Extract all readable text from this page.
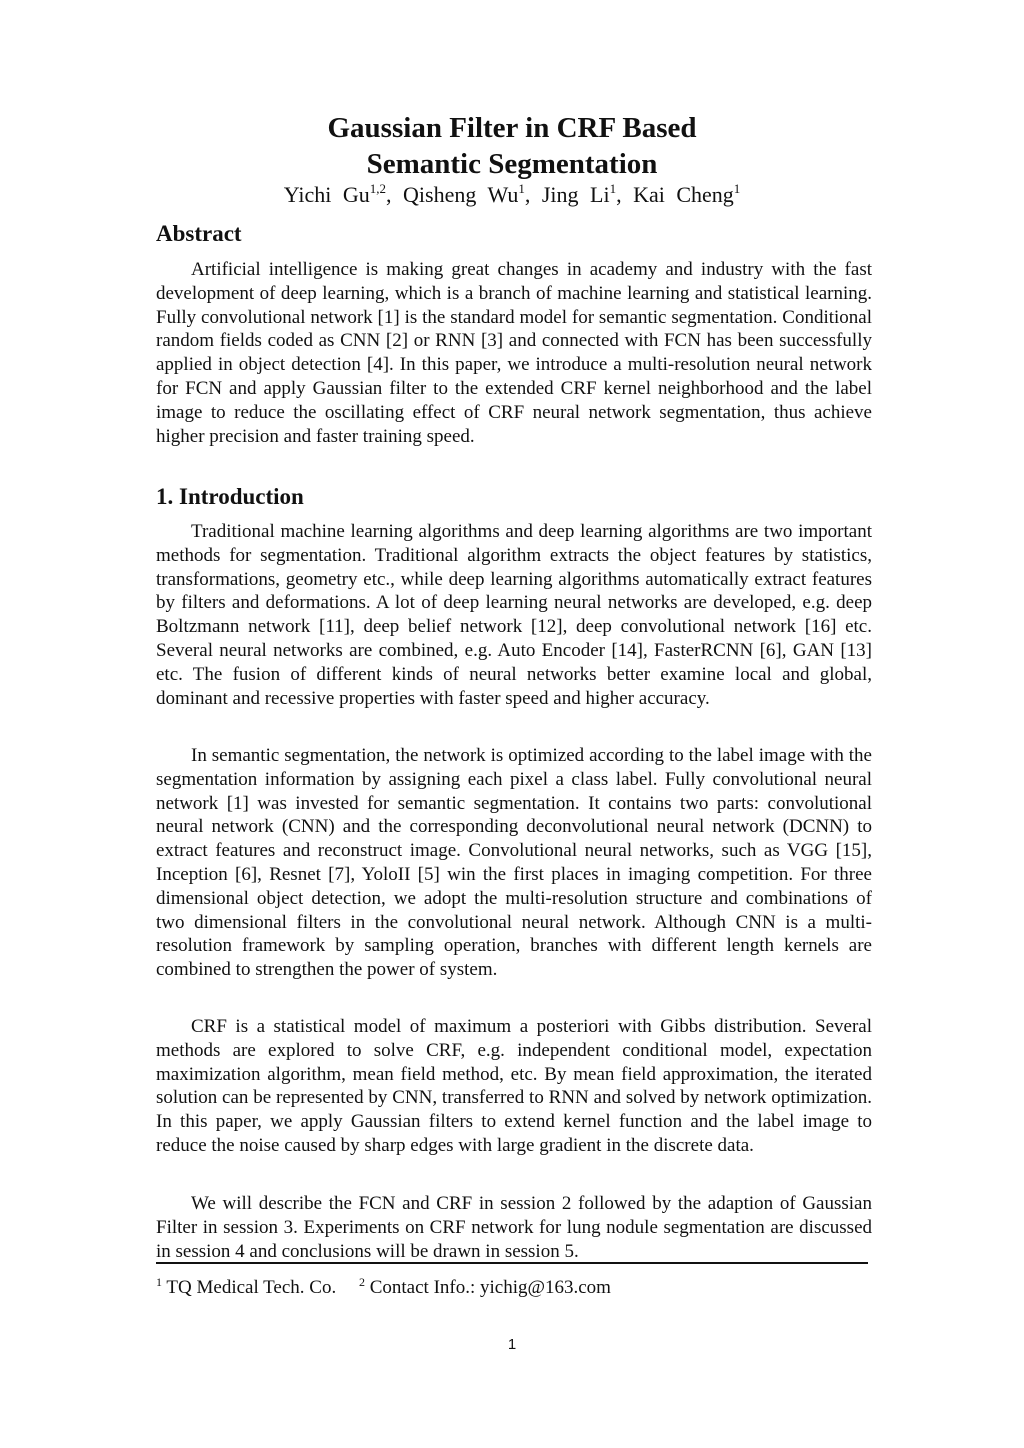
Gaussian Filter in CRF Based
Semantic Segmentation
Yichi Gu$^{1,2}$, Qisheng Wu$^1$, Jing Li$^1$, Kai Cheng$^1$
Abstract

Artificial intelligence is making great changes in academy and industry with the fast development of deep learning, which is a branch of machine learning and statistical learning. Fully convolutional network [1] is the standard model for semantic segmentation. Conditional random fields coded as CNN [2] or RNN [3] and connected with FCN has been successfully applied in object detection [4]. In this paper, we introduce a multi-resolution neural network for FCN and apply Gaussian filter to the extended CRF kernel neighborhood and the label image to reduce the oscillating effect of CRF neural network segmentation, thus achieve higher precision and faster training speed.

1. Introduction

Traditional machine learning algorithms and deep learning algorithms are two important methods for segmentation. Traditional algorithm extracts the object features by statistics, transformations, geometry etc., while deep learning algorithms automatically extract features by filters and deformations. A lot of deep learning neural networks are developed, e.g. deep Boltzmann network [11], deep belief network [12], deep convolutional network [16] etc. Several neural networks are combined, e.g. Auto Encoder [14], FasterRCNN [6], GAN [13] etc. The fusion of different kinds of neural networks better examine local and global, dominant and recessive properties with faster speed and higher accuracy.

In semantic segmentation, the network is optimized according to the label image with the segmentation information by assigning each pixel a class label. Fully convolutional neural network [1] was invested for semantic segmentation. It contains two parts: convolutional neural network (CNN) and the corresponding deconvolutional neural network (DCNN) to extract features and reconstruct image. Convolutional neural networks, such as VGG [15], Inception [6], Resnet [7], YoloII [5] win the first places in imaging competition. For three dimensional object detection, we adopt the multi-resolution structure and combinations of two dimensional filters in the convolutional neural network. Although CNN is a multi-resolution framework by sampling operation, branches with different length kernels are combined to strengthen the power of system.

CRF is a statistical model of maximum a posteriori with Gibbs distribution. Several methods are explored to solve CRF, e.g. independent conditional model, expectation maximization algorithm, mean field method, etc. By mean field approximation, the iterated solution can be represented by CNN, transferred to RNN and solved by network optimization. In this paper, we apply Gaussian filters to extend kernel function and the label image to reduce the noise caused by sharp edges with large gradient in the discrete data.

We will describe the FCN and CRF in session 2 followed by the adaption of Gaussian Filter in session 3. Experiments on CRF network for lung nodule segmentation are discussed in session 4 and conclusions will be drawn in session 5.

$^1$ TQ Medical Tech. Co. $^2$ Contact Info.: yichig@163.com
1
